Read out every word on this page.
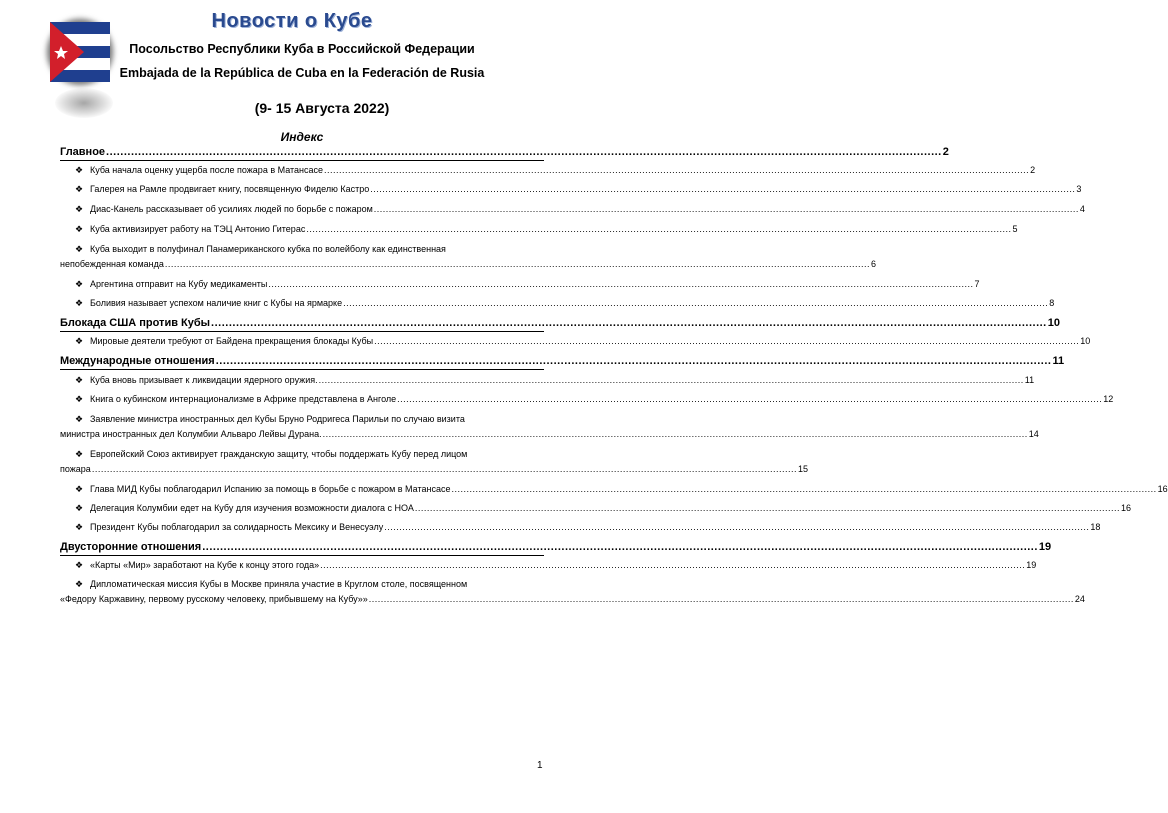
Новости о Кубе
Посольство Республики Куба в Российской Федерации
Embajada de la República de Cuba en la Federación de Rusia
(9- 15 Августа 2022)
Индекс
Главное .....	2
❖ Куба начала оценку ущерба после пожара в Матансасе .....	2
❖ Галерея на Рамле продвигает книгу, посвященную Фиделю Кастро .....	3
❖ Диас-Канель рассказывает об усилиях людей по борьбе с пожаром .....	4
❖ Куба активизирует работу на ТЭЦ Антонио Гитерас .....	5
❖ Куба выходит в полуфинал Панамериканского кубка по волейболу как единственная
непобежденная команда .....	6
❖ Аргентина отправит на Кубу медикаменты .....	7
❖ Боливия называет успехом наличие книг с Кубы на ярмарке .....	8
Блокада США против Кубы .....	10
❖ Мировые деятели требуют от Байдена прекращения блокады Кубы .....	10
Международные отношения .....	11
❖ Куба вновь призывает к ликвидации ядерного оружия. .....	11
❖ Книга о кубинском интернационализме в Африке представлена в Анголе .....	12
❖ Заявление министра иностранных дел Кубы Бруно Родригеса Парильи по случаю визита
министра иностранных дел Колумбии Альваро Лейвы Дурана. .....	14
❖ Европейский Союз активирует гражданскую защиту, чтобы поддержать Кубу перед лицом
пожара .....	15
❖ Глава МИД Кубы поблагодарил Испанию за помощь в борьбе с пожаром в Матансасе .....	16
❖ Делегация Колумбии едет на Кубу для изучения возможности диалога с НОА .....	16
❖ Президент Кубы поблагодарил за солидарность Мексику и Венесуэлу .....	18
Двусторонние отношения .....	19
❖ «Карты «Мир» заработают на Кубе к концу этого года» .....	19
❖ Дипломатическая миссия Кубы в Москве приняла участие в Круглом столе, посвященном
«Федору Каржавину, первому русскому человеку, прибывшему на Кубу»» .....	24
1
